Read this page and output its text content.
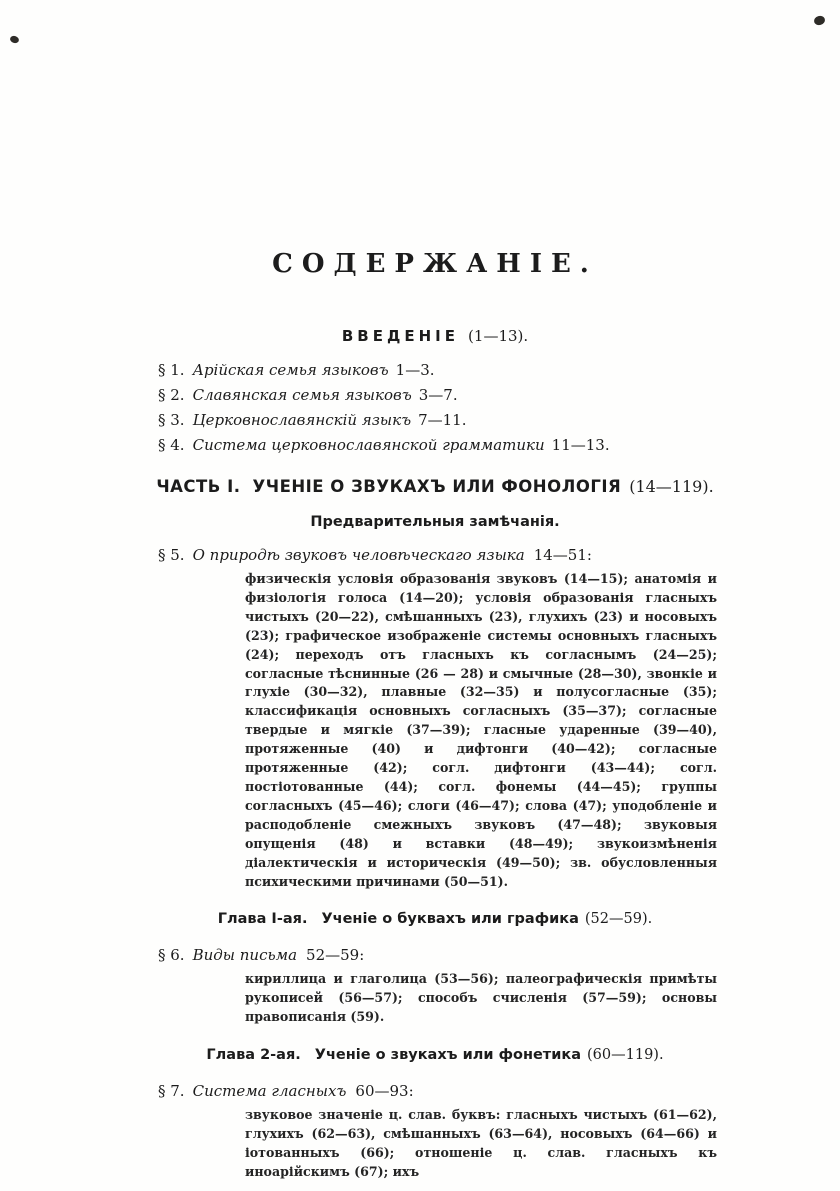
СОДЕРЖАНІЕ.
ВВЕДЕНІЕ (1—13).
§ 1. Арійская семья языковъ 1—3.
§ 2. Славянская семья языковъ 3—7.
§ 3. Церковнославянскій языкъ 7—11.
§ 4. Система церковнославянской грамматики 11—13.
ЧАСТЬ I. УЧЕНІЕ О ЗВУКАХЪ ИЛИ ФОНОЛОГІЯ (14—119).
Предварительныя замѣчанія.
§ 5. О природѣ звуковъ человѣческаго языка 14—51:

физическія условія образованія звуковъ (14—15); анатомія и физіологія голоса (14—20); условія образованія гласныхъ чистыхъ (20—22), смѣшанныхъ (23), глухихъ (23) и носовыхъ (23); графическое изображеніе системы основныхъ гласныхъ (24); переходъ отъ гласныхъ къ согласнымъ (24—25); согласные тѣснинные (26 — 28) и смычные (28—30), звонкіе и глухіе (30—32), плавные (32—35) и полусогласные (35); классификація основныхъ согласныхъ (35—37); согласные твердые и мягкіе (37—39); гласные ударенные (39—40), протяженные (40) и дифтонги (40—42); согласные протяженные (42); согл. дифтонги (43—44); согл. постіотованные (44); согл. фонемы (44—45); группы согласныхъ (45—46); слоги (46—47); слова (47); уподобленіе и расподобленіе смежныхъ звуковъ (47—48); звуковыя опущенія (48) и вставки (48—49); звукоизмѣненія діалектическія и историческія (49—50); зв. обусловленныя психическими причинами (50—51).

Глава I-ая. Ученіе о буквахъ или графика (52—59).
§ 6. Виды письма 52—59:

кириллица и глаголица (53—56); палеографическія примѣты рукописей (56—57); способъ счисленія (57—59); основы правописанія (59).

Глава 2-ая. Ученіе о звукахъ или фонетика (60—119).
§ 7. Система гласныхъ 60—93:

звуковое значеніе ц. слав. буквъ: гласныхъ чистыхъ (61—62), глухихъ (62—63), смѣшанныхъ (63—64), носовыхъ (64—66) и іотованныхъ (66); отношеніе ц. слав. гласныхъ къ иноарійскимъ (67); ихъ
